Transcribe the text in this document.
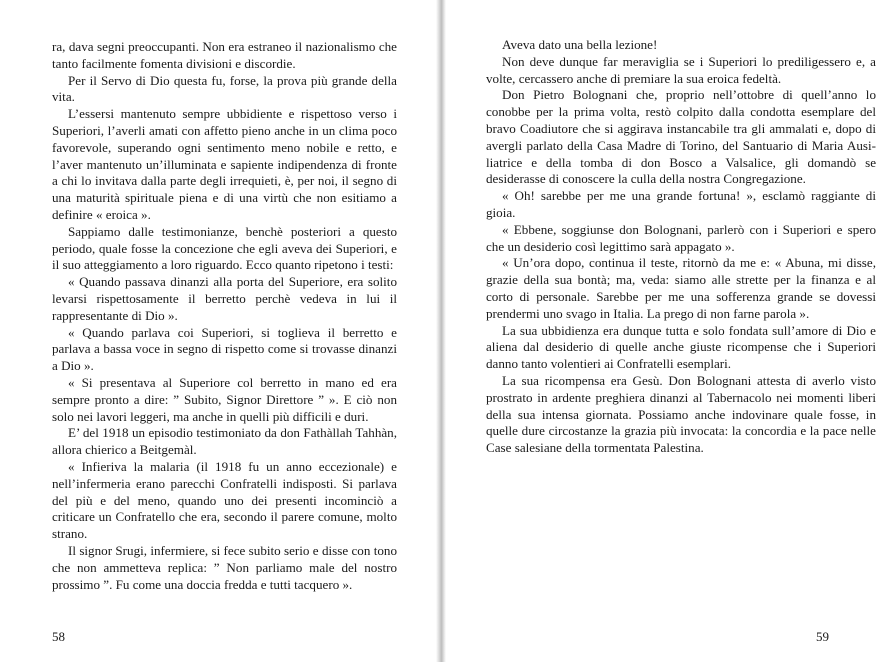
ra, dava segni preoccupanti. Non era estraneo il nazionalismo che tanto facilmente fomenta divisioni e discordie.

Per il Servo di Dio questa fu, forse, la prova più grande della vita.

L’essersi mantenuto sempre ubbidiente e rispettoso verso i Superiori, l’averli amati con affetto pieno anche in un clima poco favorevole, superando ogni sentimento meno nobile e retto, e l’aver mantenuto un’illuminata e sapiente indipendenza di fronte a chi lo invitava dalla parte degli irrequieti, è, per noi, il segno di una maturità spirituale piena e di una virtù che non esitiamo a definire « eroica ».

Sappiamo dalle testimonianze, benchè posteriori a questo periodo, quale fosse la concezione che egli aveva dei Superiori, e il suo atteggiamento a loro riguardo. Ecco quanto ripetono i testi:

« Quando passava dinanzi alla porta del Superiore, era solito levarsi rispettosamente il berretto perchè vedeva in lui il rappresentante di Dio ».

« Quando parlava coi Superiori, si toglieva il berretto e parlava a bassa voce in segno di rispetto come si trovasse dinanzi a Dio ».

« Si presentava al Superiore col berretto in mano ed era sempre pronto a dire: ” Subito, Signor Direttore ” ». E ciò non solo nei lavori leggeri, ma anche in quelli più difficili e duri.

E’ del 1918 un episodio testimoniato da don Fathàllah Tahhàn, allora chierico a Beitgemàl.

« Infieriva la malaria (il 1918 fu un anno eccezionale) e nell’infermeria erano parecchi Confratelli indisposti. Si parlava del più e del meno, quando uno dei presenti incominciò a criticare un Confratello che era, secondo il parere comune, molto strano.

Il signor Srugi, infermiere, si fece subito serio e disse con tono che non ammetteva replica: ” Non parliamo male del nostro prossimo ”. Fu come una doccia fredda e tutti tacquero ».

58

Aveva dato una bella lezione!

Non deve dunque far meraviglia se i Superiori lo prediligessero e, a volte, cercassero anche di premiare la sua eroica fedeltà.

Don Pietro Bolognani che, proprio nell’ottobre di quell’anno lo conobbe per la prima volta, restò colpito dalla condotta esemplare del bravo Coadiutore che si aggirava instancabile tra gli ammalati e, dopo di avergli parlato della Casa Madre di Torino, del Santuario di Maria Ausiliatrice e della tomba di don Bosco a Valsalice, gli domandò se desiderasse di conoscere la culla della nostra Congregazione.

« Oh! sarebbe per me una grande fortuna! », esclamò raggiante di gioia.

« Ebbene, soggiunse don Bolognani, parlerò con i Superiori e spero che un desiderio così legittimo sarà appagato ».

« Un’ora dopo, continua il teste, ritornò da me e: « Abuna, mi disse, grazie della sua bontà; ma, veda: siamo alle strette per la finanza e al corto di personale. Sarebbe per me una sofferenza grande se dovessi prendermi uno svago in Italia. La prego di non farne parola ».

La sua ubbidienza era dunque tutta e solo fondata sull’amore di Dio e aliena dal desiderio di quelle anche giuste ricompense che i Superiori danno tanto volentieri ai Confratelli esemplari.

La sua ricompensa era Gesù. Don Bolognani attesta di averlo visto prostrato in ardente preghiera dinanzi al Tabernacolo nei momenti liberi della sua intensa giornata. Possiamo anche indovinare quale fosse, in quelle dure circostanze la grazia più invocata: la concordia e la pace nelle Case salesiane della tormentata Palestina.

59
